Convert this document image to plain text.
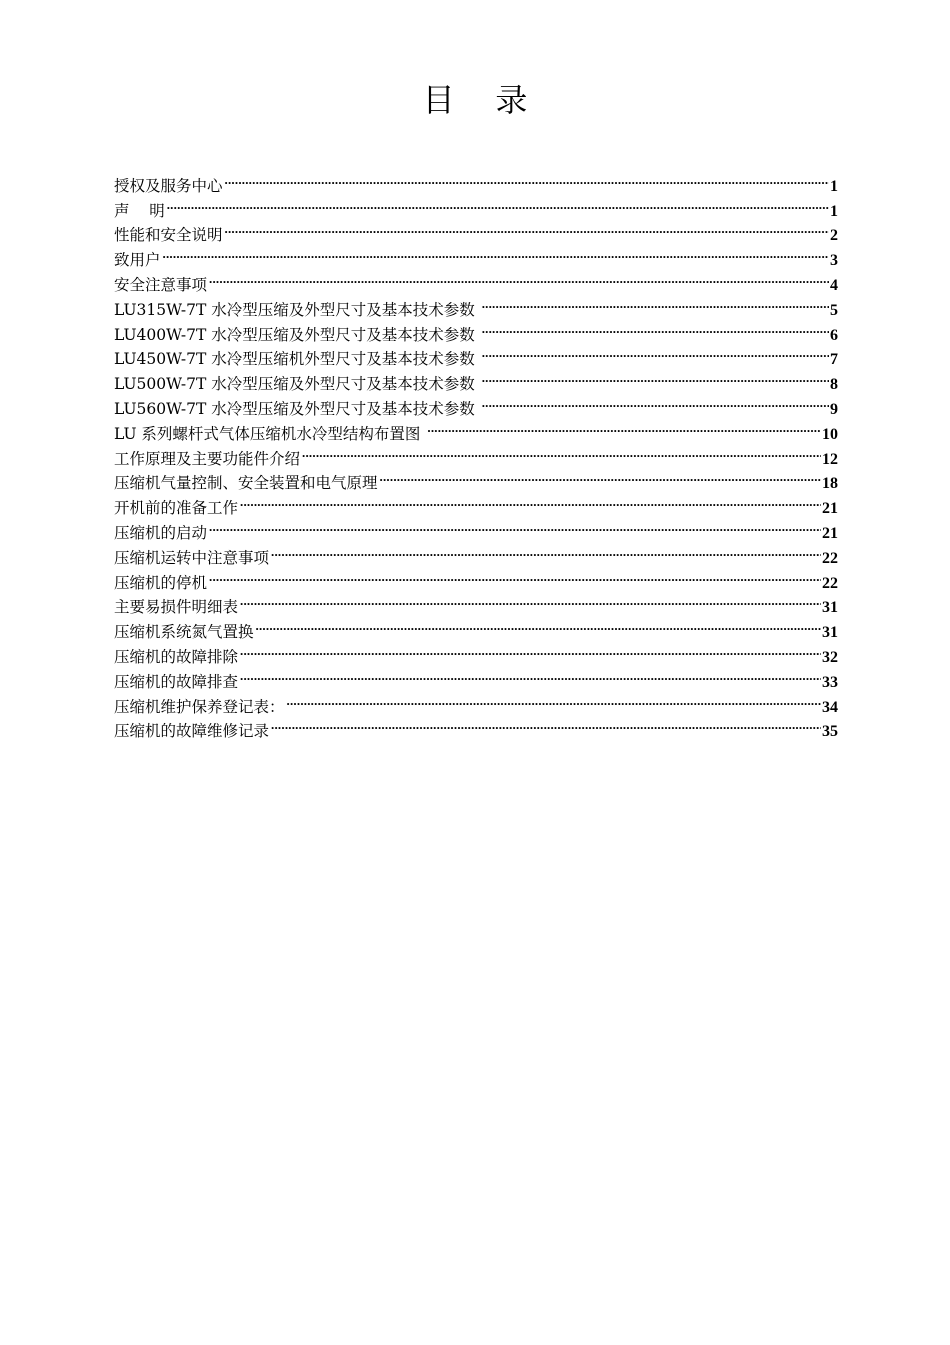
目    录
授权及服务中心 .....	1
声    明 .....	1
性能和安全说明 .....	2
致用户 .....	3
安全注意事项 .....	4
LU315W-7T 水冷型压缩及外型尺寸及基本技术参数 .....	5
LU400W-7T 水冷型压缩及外型尺寸及基本技术参数 .....	6
LU450W-7T 水冷型压缩机外型尺寸及基本技术参数 .....	7
LU500W-7T 水冷型压缩及外型尺寸及基本技术参数 .....	8
LU560W-7T 水冷型压缩及外型尺寸及基本技术参数 .....	9
LU 系列螺杆式气体压缩机水冷型结构布置图 .....	10
工作原理及主要功能件介绍 .....	12
压缩机气量控制、安全装置和电气原理 .....	18
开机前的准备工作 .....	21
压缩机的启动 .....	21
压缩机运转中注意事项 .....	22
压缩机的停机 .....	22
主要易损件明细表 .....	31
压缩机系统氮气置换 .....	31
压缩机的故障排除 .....	32
压缩机的故障排查 .....	33
压缩机维护保养登记表： .....	34
压缩机的故障维修记录 .....	35
